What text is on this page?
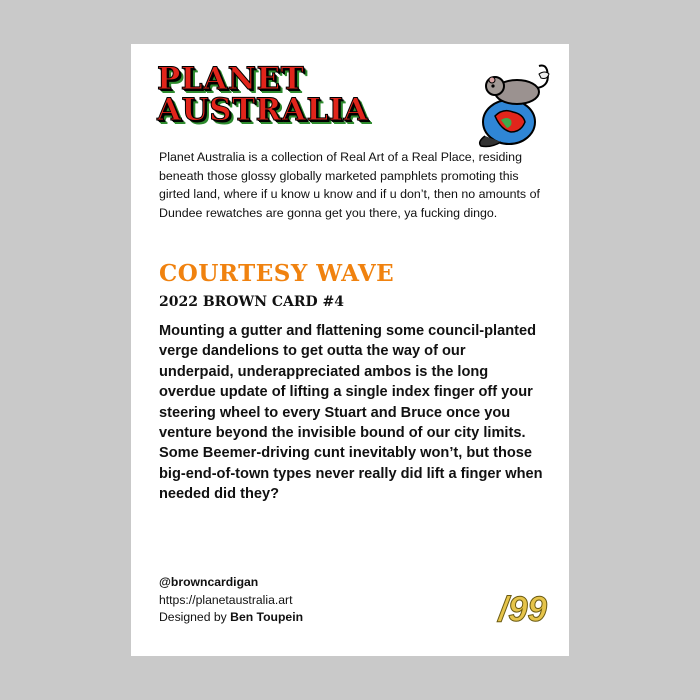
PLANET
AUSTRALIA
Planet Australia is a collection of Real Art of a Real Place, residing beneath those glossy globally marketed pamphlets promoting this girted land, where if u know u know and if u don’t, then no amounts of Dundee rewatches are gonna get you there, ya fucking dingo.
COURTESY WAVE
2022 BROWN CARD #4
Mounting a gutter and flattening some council-planted verge dandelions to get outta the way of our underpaid, underappreciated ambos is the long overdue update of lifting a single index finger off your steering wheel to every Stuart and Bruce once you venture beyond the invisible bound of our city limits. Some Beemer-driving cunt inevitably won’t, but those big-end-of-town types never really did lift a finger when needed did they?
@browncardigan
https://planetaustralia.art
Designed by Ben Toupein	/99
